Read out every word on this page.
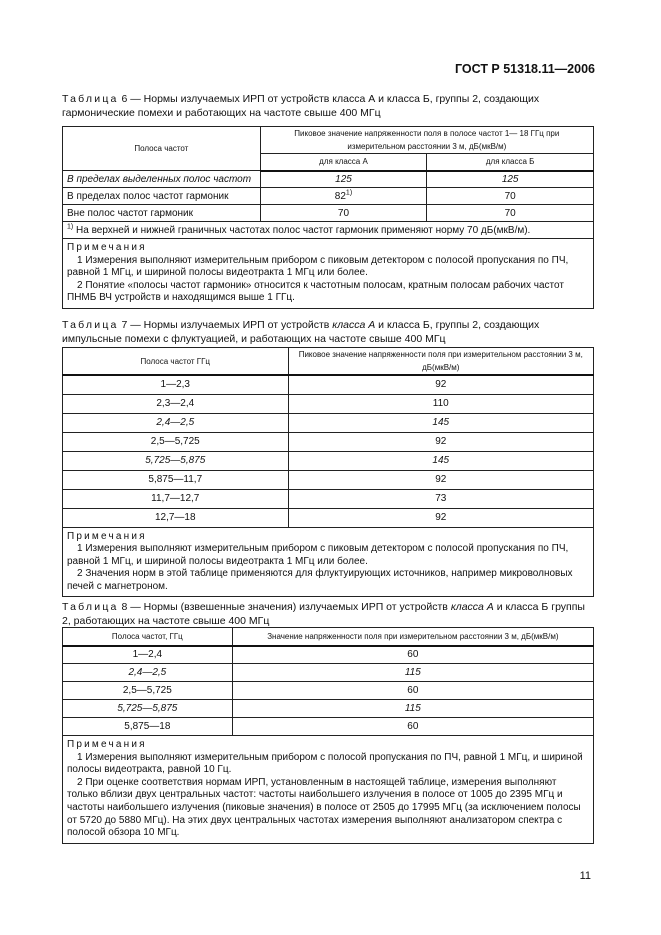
ГОСТ Р 51318.11—2006
Таблица 6 — Нормы излучаемых ИРП от устройств класса А и класса Б, группы 2, создающих гармонические помехи и работающих на частоте свыше 400 МГц
Полоса частот	Пиковое значение напряженности поля в полосе частот 1— 18 ГГц при измерительном расстоянии 3 м, дБ(мкВ/м)	
	для класса А	для класса Б
В пределах выделенных полос частот	125	125
В пределах полос частот гармоник	82$^{1)}$	70
Вне полос частот гармоник	70	70
$^{1)}$ На верхней и нижней граничных частотах полос частот гармоник применяют норму 70 дБ(мкВ/м).		

Примечания
1 Измерения выполняют измерительным прибором с пиковым детектором с полосой пропускания по ПЧ, равной 1 МГц, и шириной полосы видеотракта 1 МГц или более.
2 Понятие «полосы частот гармоник» относится к частотным полосам, кратным полосам рабочих частот ПНМБ ВЧ устройств и находящимся выше 1 ГГц.		
Таблица 7 — Нормы излучаемых ИРП от устройств класса А и класса Б, группы 2, создающих импульсные помехи с флуктуацией, и работающих на частоте свыше 400 МГц
Полоса частот ГГц	Пиковое значение напряженности поля при измерительном расстоянии 3 м, дБ(мкВ/м)
1—2,3	92
2,3—2,4	110
2,4—2,5	145
2,5—5,725	92
5,725—5,875	145
5,875—11,7	92
11,7—12,7	73
12,7—18	92

Примечания
1 Измерения выполняют измерительным прибором с пиковым детектором с полосой пропускания по ПЧ, равной 1 МГц, и шириной полосы видеотракта 1 МГц или более.
2 Значения норм в этой таблице применяются для флуктуирующих источников, например микроволновых печей с магнетроном.	
Таблица 8 — Нормы (взвешенные значения) излучаемых ИРП от устройств класса А и класса Б группы 2, работающих на частоте свыше 400 МГц
Полоса частот, ГГц	Значение напряженности поля при измерительном расстоянии 3 м, дБ(мкВ/м)
1—2,4	60
2,4—2,5	115
2,5—5,725	60
5,725—5,875	115
5,875—18	60

Примечания
1 Измерения выполняют измерительным прибором с полосой пропускания по ПЧ, равной 1 МГц, и шириной полосы видеотракта, равной 10 Гц.
2 При оценке соответствия нормам ИРП, установленным в настоящей таблице, измерения выполняют только вблизи двух центральных частот: частоты наибольшего излучения в полосе от 1005 до 2395 МГц и частоты наибольшего излучения (пиковые значения) в полосе от 2505 до 17995 МГц (за исключением полосы от 5720 до 5880 МГц). На этих двух центральных частотах измерения выполняют анализатором спектра с полосой обзора 10 МГц.	
11
